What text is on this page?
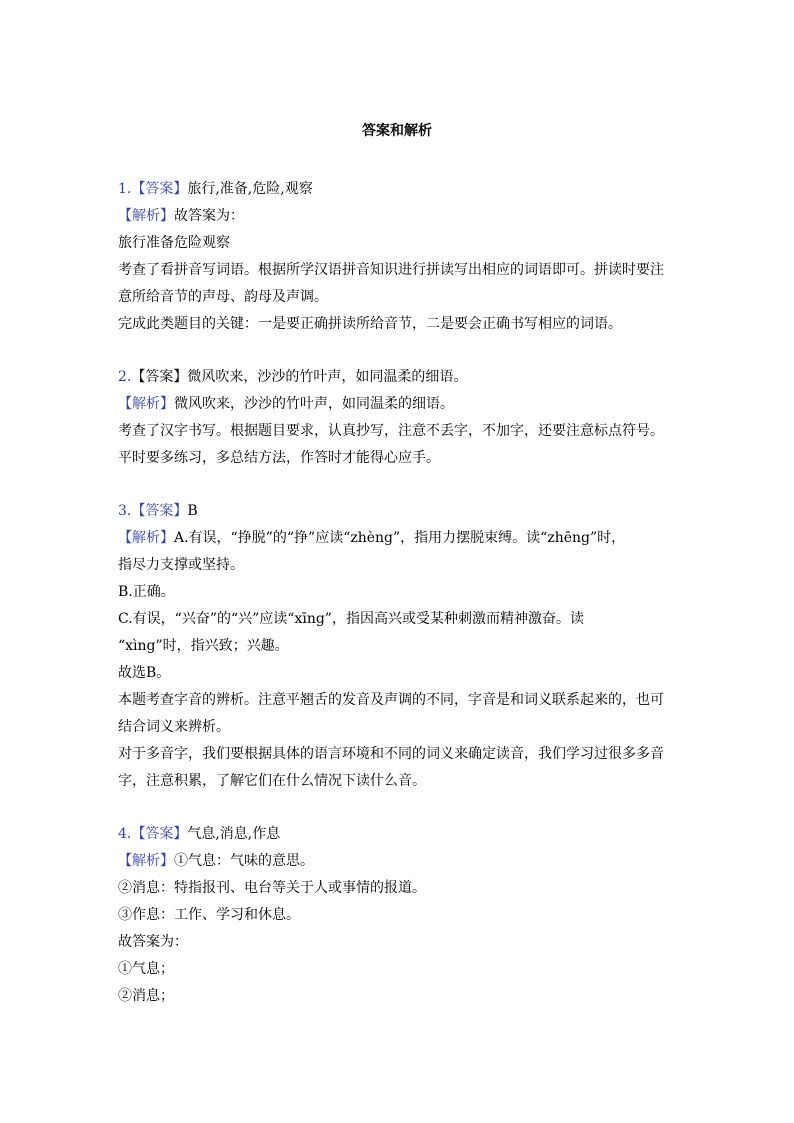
答案和解析
1.【答案】旅行,准备,危险,观察
【解析】故答案为：
旅行准备危险观察
考查了看拼音写词语。根据所学汉语拼音知识进行拼读写出相应的词语即可。拼读时要注
意所给音节的声母、韵母及声调。
完成此类题目的关键：一是要正确拼读所给音节，二是要会正确书写相应的词语。
2.【答案】微风吹来，沙沙的竹叶声，如同温柔的细语。
【解析】微风吹来，沙沙的竹叶声，如同温柔的细语。
考查了汉字书写。根据题目要求，认真抄写，注意不丢字，不加字，还要注意标点符号。
平时要多练习，多总结方法，作答时才能得心应手。
3.【答案】B
【解析】A.有误，“挣脱”的“挣”应读“zhèng”，指用力摆脱束缚。读“zhēng”时，
指尽力支撑或坚持。
B.正确。
C.有误，“兴奋”的“兴”应读“xīng”，指因高兴或受某种刺激而精神激奋。读
“xìng”时，指兴致；兴趣。
故选B。
本题考查字音的辨析。注意平翘舌的发音及声调的不同，字音是和词义联系起来的，也可
结合词义来辨析。
对于多音字，我们要根据具体的语言环境和不同的词义来确定读音，我们学习过很多多音
字，注意积累，了解它们在什么情况下读什么音。
4.【答案】气息,消息,作息
【解析】①气息：气味的意思。
②消息：特指报刊、电台等关于人或事情的报道。
③作息：工作、学习和休息。
故答案为：
①气息；
②消息；
